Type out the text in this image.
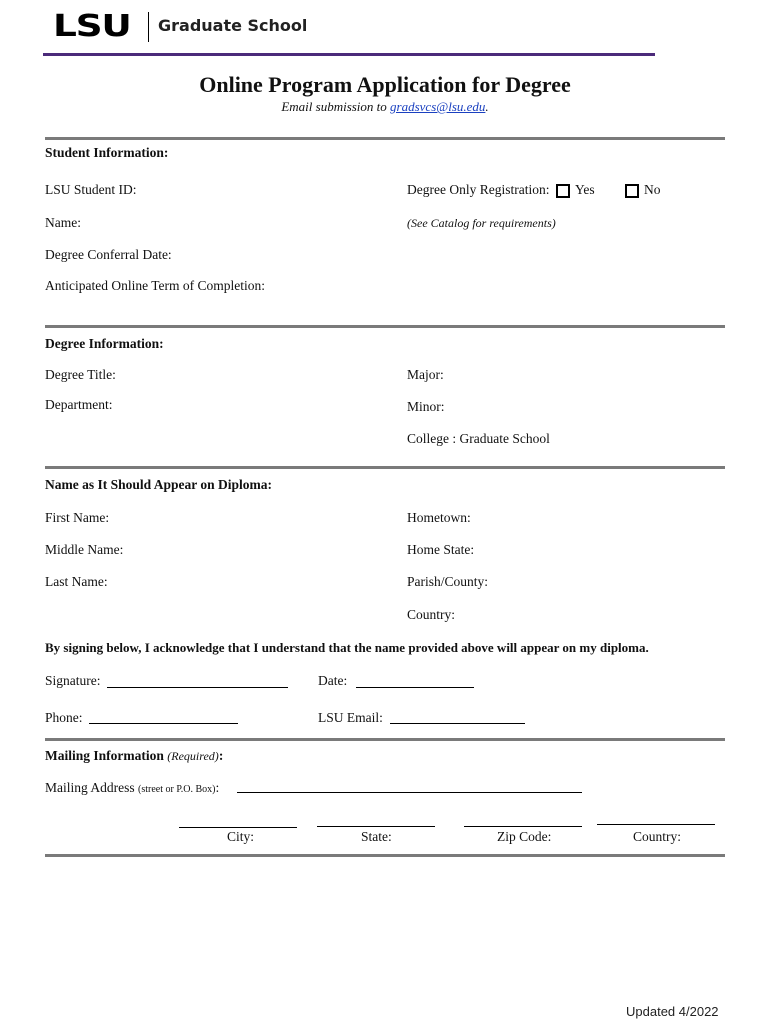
LSU Graduate School
Online Program Application for Degree
Email submission to gradsvcs@lsu.edu.
Student Information:
LSU Student ID:	Degree Only Registration: Yes	No
Name:	(See Catalog for requirements)
Degree Conferral Date:
Anticipated Online Term of Completion:
Degree Information:
Degree Title:	Major:
Department:	Minor:
College : Graduate School
Name as It Should Appear on Diploma:
First Name:	Hometown:
Middle Name:	Home State:
Last Name:	Parish/County:
Country:
By signing below, I acknowledge that I understand that the name provided above will appear on my diploma.
Signature:	Date:
Phone:	LSU Email:
Mailing Information (Required):
Mailing Address (street or P.O. Box):
City:	State:	Zip Code:	Country:
Updated 4/2022
